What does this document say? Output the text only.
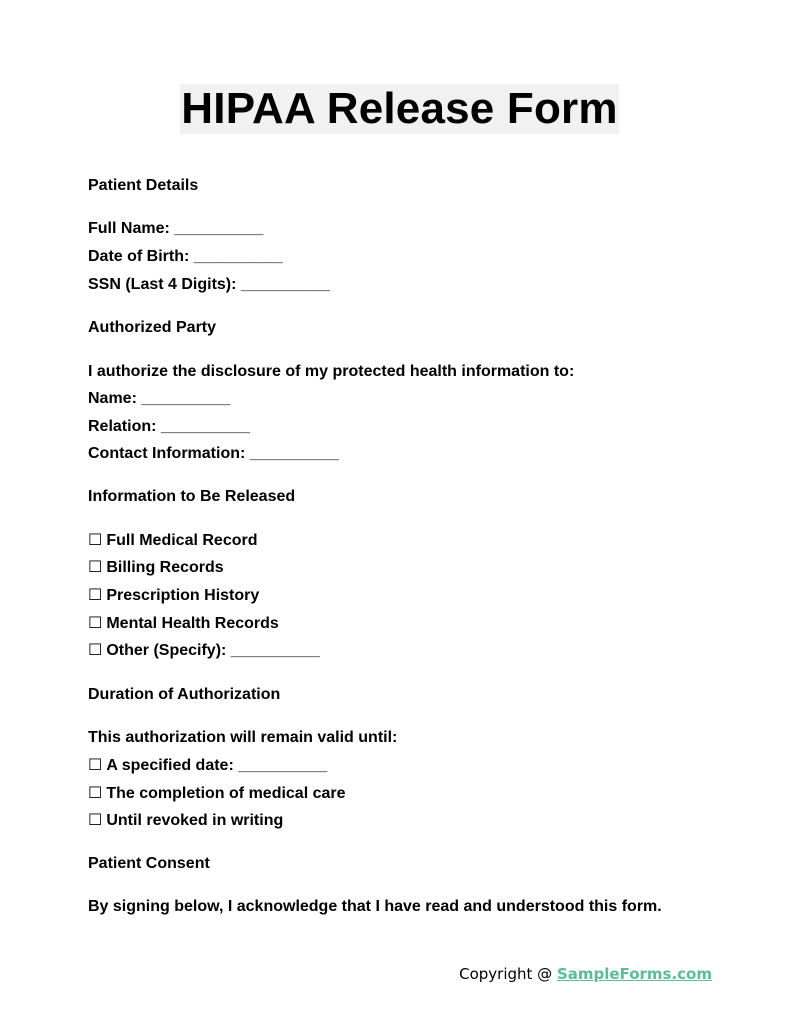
HIPAA Release Form
Patient Details
Full Name: __________
Date of Birth: __________
SSN (Last 4 Digits): __________
Authorized Party
I authorize the disclosure of my protected health information to:
Name: __________
Relation: __________
Contact Information: __________
Information to Be Released
☐ Full Medical Record
☐ Billing Records
☐ Prescription History
☐ Mental Health Records
☐ Other (Specify): __________
Duration of Authorization
This authorization will remain valid until:
☐ A specified date: __________
☐ The completion of medical care
☐ Until revoked in writing
Patient Consent
By signing below, I acknowledge that I have read and understood this form.
Copyright @ SampleForms.com
